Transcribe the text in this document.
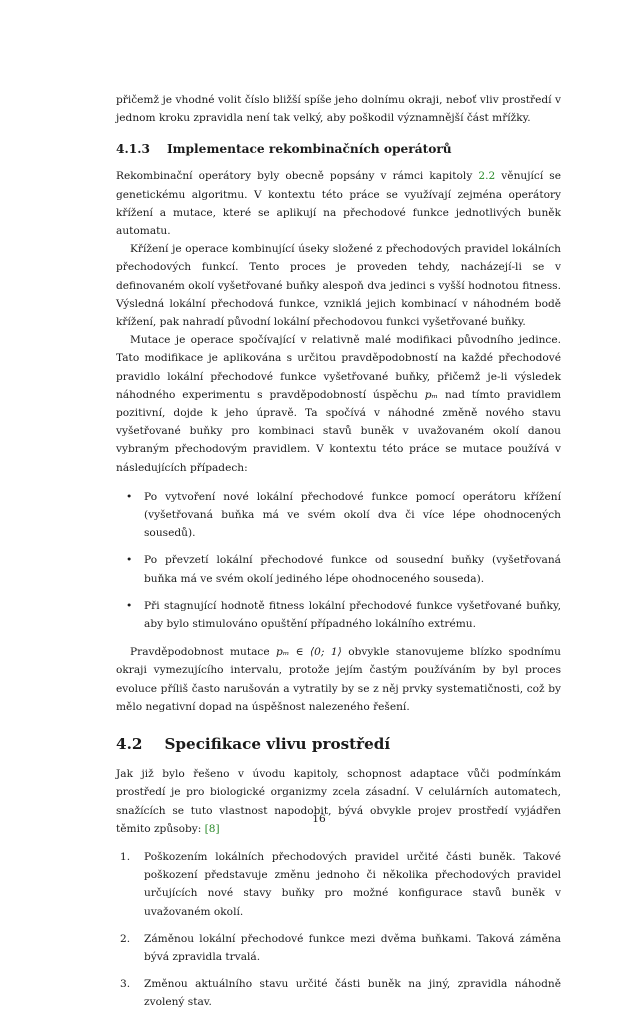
přičemž je vhodné volit číslo bližší spíše jeho dolnímu okraji, neboť vliv prostředí v jednom kroku zpravidla není tak velký, aby poškodil významnější část mřížky.

4.1.3 Implementace rekombinačních operátorů

Rekombinační operátory byly obecně popsány v rámci kapitoly 2.2 věnující se genetickému algoritmu. V kontextu této práce se využívají zejména operátory křížení a mutace, které se aplikují na přechodové funkce jednotlivých buněk automatu.

Křížení je operace kombinující úseky složené z přechodových pravidel lokálních přechodových funkcí. Tento proces je proveden tehdy, nacházejí-li se v definovaném okolí vyšetřované buňky alespoň dva jedinci s vyšší hodnotou fitness. Výsledná lokální přechodová funkce, vzniklá jejich kombinací v náhodném bodě křížení, pak nahradí původní lokální přechodovou funkci vyšetřované buňky.

Mutace je operace spočívající v relativně malé modifikaci původního jedince. Tato modifikace je aplikována s určitou pravděpodobností na každé přechodové pravidlo lokální přechodové funkce vyšetřované buňky, přičemž je-li výsledek náhodného experimentu s pravděpodobností úspěchu pₘ nad tímto pravidlem pozitivní, dojde k jeho úpravě. Ta spočívá v náhodné změně nového stavu vyšetřované buňky pro kombinaci stavů buněk v uvažovaném okolí danou vybraným přechodovým pravidlem. V kontextu této práce se mutace používá v následujících případech:

• Po vytvoření nové lokální přechodové funkce pomocí operátoru křížení (vyšetřovaná buňka má ve svém okolí dva či více lépe ohodnocených sousedů).

• Po převzetí lokální přechodové funkce od sousední buňky (vyšetřovaná buňka má ve svém okolí jediného lépe ohodnoceného souseda).

• Při stagnující hodnotě fitness lokální přechodové funkce vyšetřované buňky, aby bylo stimulováno opuštění případného lokálního extrému.

Pravděpodobnost mutace pₘ ∈ ⟨0; 1⟩ obvykle stanovujeme blízko spodnímu okraji vymezujícího intervalu, protože jejím častým používáním by byl proces evoluce příliš často narušován a vytratily by se z něj prvky systematičnosti, což by mělo negativní dopad na úspěšnost nalezeného řešení.

4.2 Specifikace vlivu prostředí

Jak již bylo řešeno v úvodu kapitoly, schopnost adaptace vůči podmínkám prostředí je pro biologické organizmy zcela zásadní. V celulárních automatech, snažících se tuto vlastnost napodobit, bývá obvykle projev prostředí vyjádřen těmito způsoby: [8]

1. Poškozením lokálních přechodových pravidel určité části buněk. Takové poškození představuje změnu jednoho či několika přechodových pravidel určujících nové stavy buňky pro možné konfigurace stavů buněk v uvažovaném okolí.

2. Záměnou lokální přechodové funkce mezi dvěma buňkami. Taková záměna bývá zpravidla trvalá.

3. Změnou aktuálního stavu určité části buněk na jiný, zpravidla náhodně zvolený stav.

16
